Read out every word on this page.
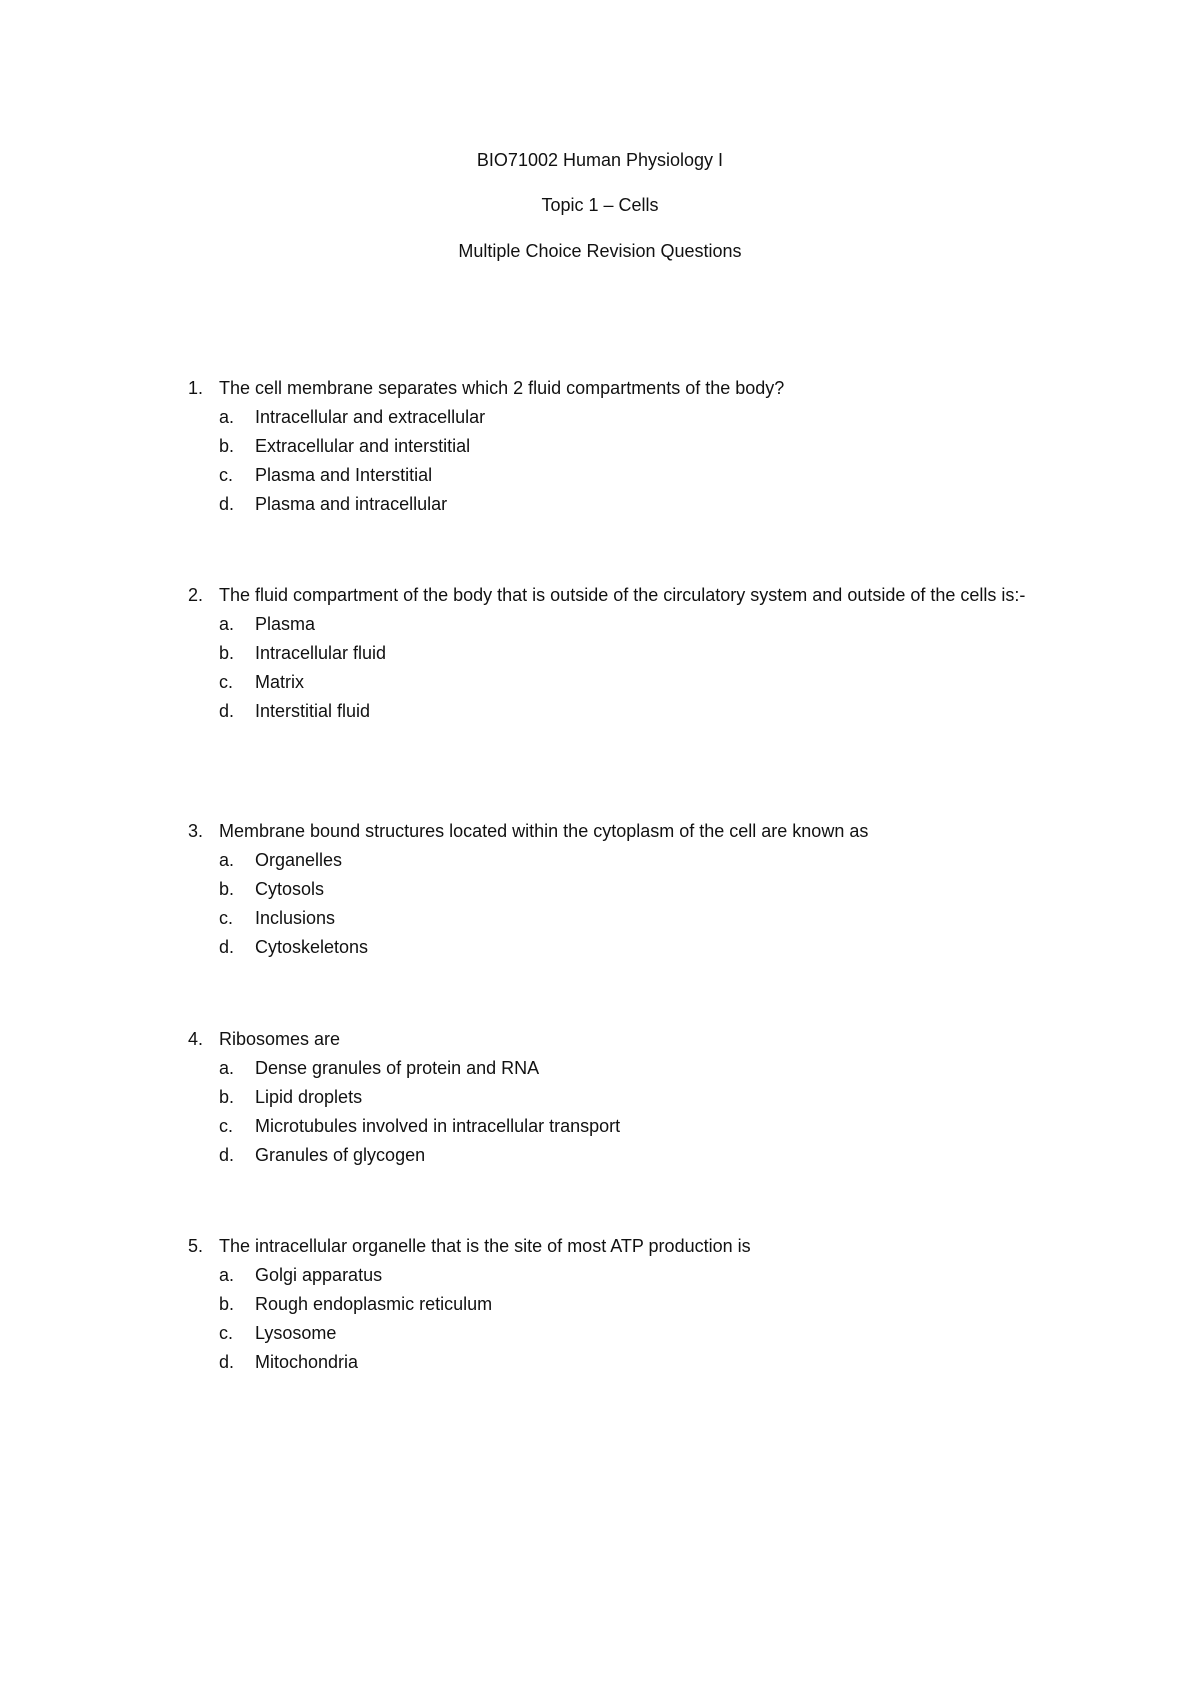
BIO71002 Human Physiology I
Topic 1 – Cells
Multiple Choice Revision Questions
1. The cell membrane separates which 2 fluid compartments of the body?
a. Intracellular and extracellular
b. Extracellular and interstitial
c. Plasma and Interstitial
d. Plasma and intracellular
2. The fluid compartment of the body that is outside of the circulatory system and outside of the cells is:-
a. Plasma
b. Intracellular fluid
c. Matrix
d. Interstitial fluid
3. Membrane bound structures located within the cytoplasm of the cell are known as
a. Organelles
b. Cytosols
c. Inclusions
d. Cytoskeletons
4. Ribosomes are
a. Dense granules of protein and RNA
b. Lipid droplets
c. Microtubules involved in intracellular transport
d. Granules of glycogen
5. The intracellular organelle that is the site of most ATP production is
a. Golgi apparatus
b. Rough endoplasmic reticulum
c. Lysosome
d. Mitochondria
